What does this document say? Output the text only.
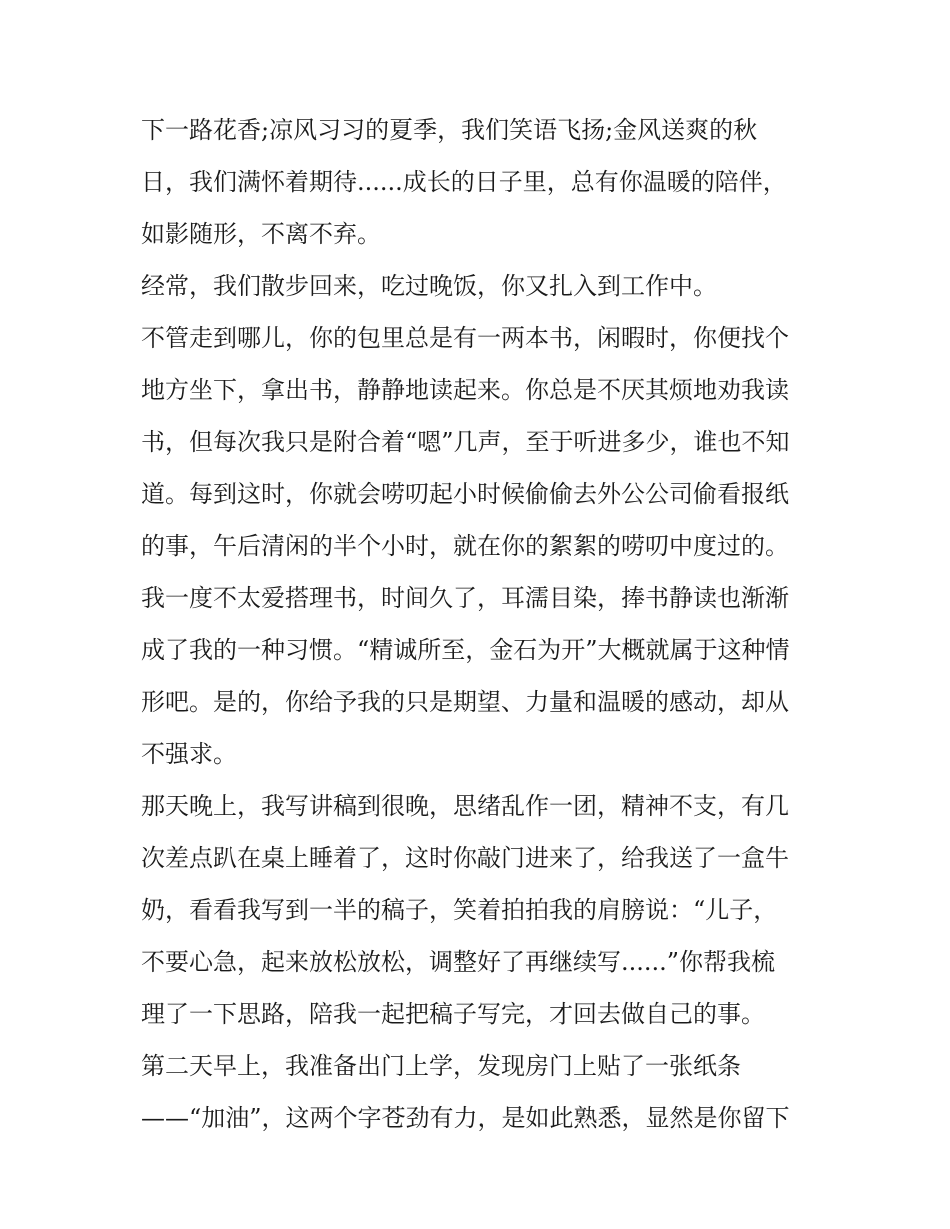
下一路花香;凉风习习的夏季，我们笑语飞扬;金风送爽的秋
日，我们满怀着期待......成长的日子里，总有你温暖的陪伴，
如影随形，不离不弃。
经常，我们散步回来，吃过晚饭，你又扎入到工作中。
不管走到哪儿，你的包里总是有一两本书，闲暇时，你便找个
地方坐下，拿出书，静静地读起来。你总是不厌其烦地劝我读
书，但每次我只是附合着“嗯”几声，至于听进多少，谁也不知
道。每到这时，你就会唠叨起小时候偷偷去外公公司偷看报纸
的事，午后清闲的半个小时，就在你的絮絮的唠叨中度过的。
我一度不太爱搭理书，时间久了，耳濡目染，捧书静读也渐渐
成了我的一种习惯。“精诚所至，金石为开”大概就属于这种情
形吧。是的，你给予我的只是期望、力量和温暖的感动，却从
不强求。
那天晚上，我写讲稿到很晚，思绪乱作一团，精神不支，有几
次差点趴在桌上睡着了，这时你敲门进来了，给我送了一盒牛
奶，看看我写到一半的稿子，笑着拍拍我的肩膀说：“儿子，
不要心急，起来放松放松，调整好了再继续写......”你帮我梳
理了一下思路，陪我一起把稿子写完，才回去做自己的事。
第二天早上，我准备出门上学，发现房门上贴了一张纸条
——“加油”，这两个字苍劲有力，是如此熟悉，显然是你留下
